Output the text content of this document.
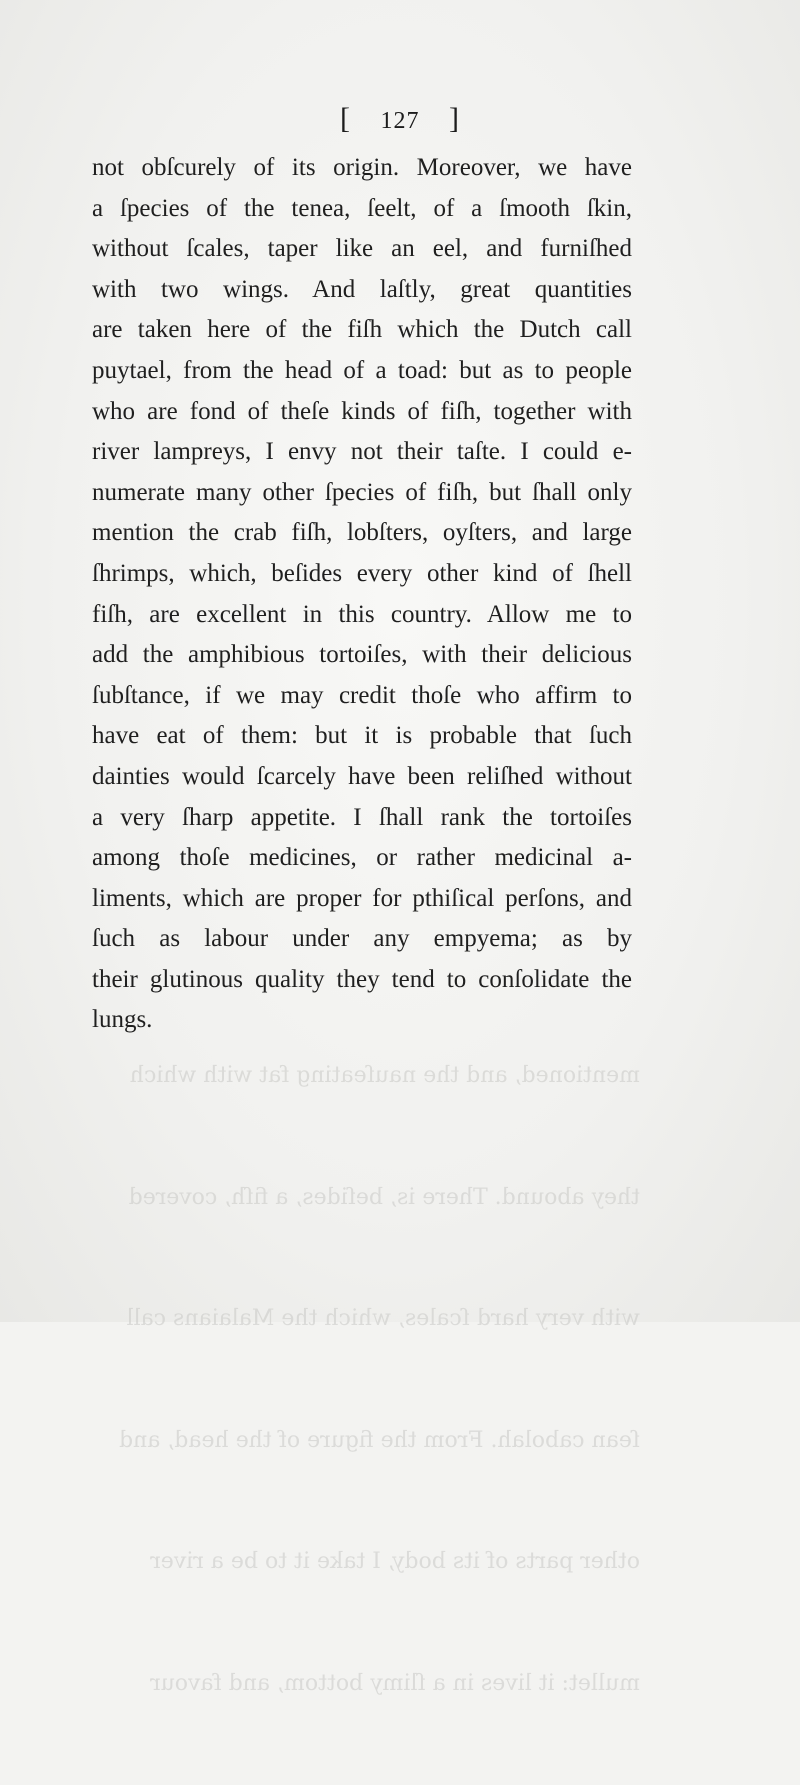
mentioned, and the nauſeating fat with which

they abound. There is, beſides, a fiſh, covered

with very hard ſcales, which the Malaians call

ſean cabolah. From the figure of the head, and

other parts of its body, I take it to be a river

mullet: it lives in a ſlimy bottom, and favour

[ 127 ]
not obſcurely of its origin. Moreover, we have
a ſpecies of the tenea, ſeelt, of a ſmooth ſkin,
without ſcales, taper like an eel, and furniſhed
with two wings. And laſtly, great quantities
are taken here of the fiſh which the Dutch call
puytael, from the head of a toad: but as to people
who are fond of theſe kinds of fiſh, together with
river lampreys, I envy not their taſte. I could e-
numerate many other ſpecies of fiſh, but ſhall only
mention the crab fiſh, lobſters, oyſters, and large
ſhrimps, which, beſides every other kind of ſhell
fiſh, are excellent in this country. Allow me to
add the amphibious tortoiſes, with their delicious
ſubſtance, if we may credit thoſe who affirm to
have eat of them: but it is probable that ſuch
dainties would ſcarcely have been reliſhed without
a very ſharp appetite. I ſhall rank the tortoiſes
among thoſe medicines, or rather medicinal a-
liments, which are proper for pthiſical perſons, and
ſuch as labour under any empyema; as by
their glutinous quality they tend to conſolidate the
lungs.
